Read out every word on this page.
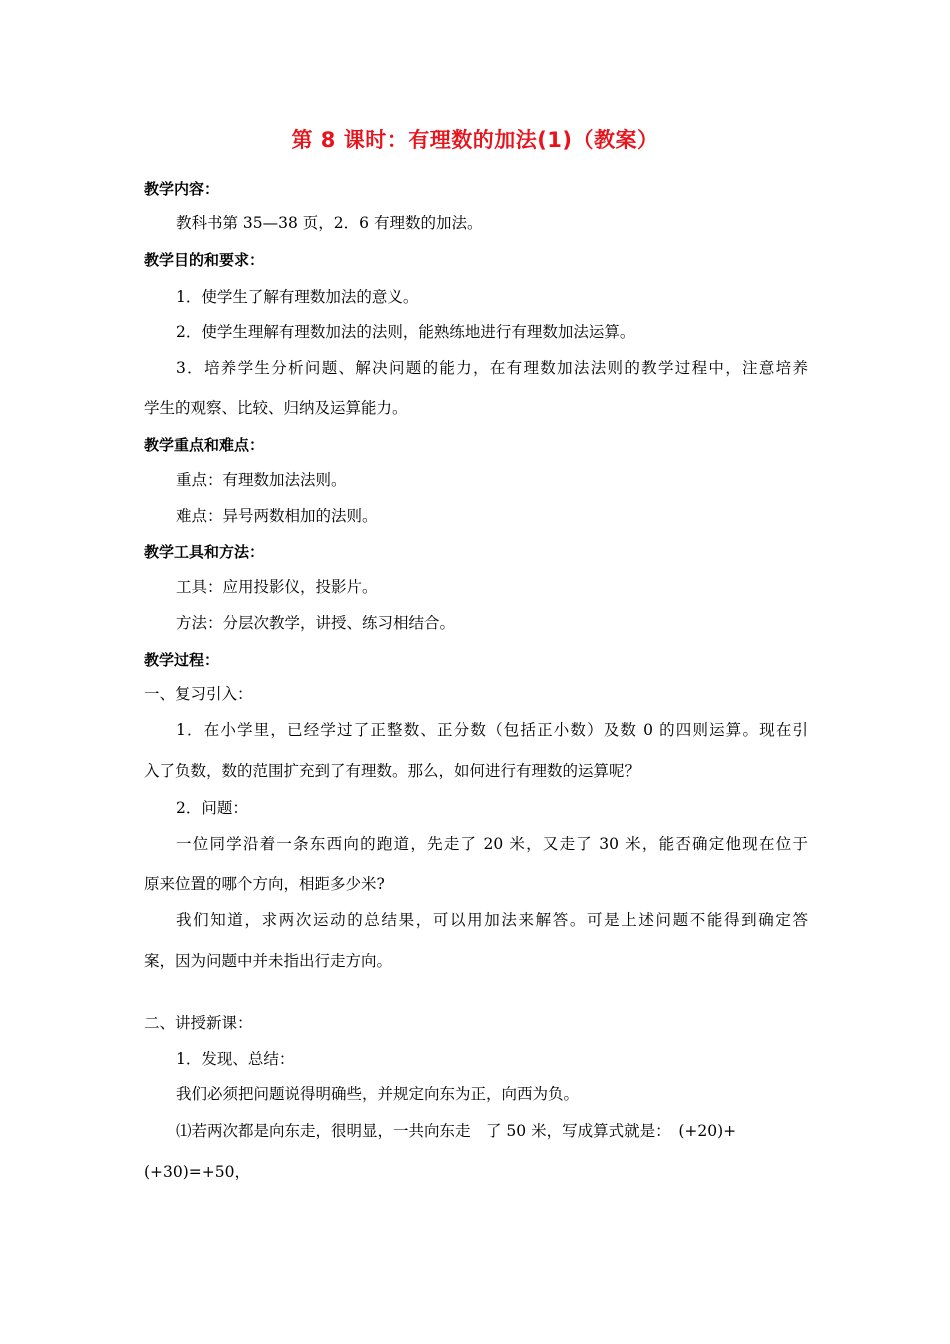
第 8 课时：有理数的加法(1)（教案）
教学内容：
教科书第 35—38 页，2．6 有理数的加法。
教学目的和要求：
1．使学生了解有理数加法的意义。
2．使学生理解有理数加法的法则，能熟练地进行有理数加法运算。
3．培养学生分析问题、解决问题的能力，在有理数加法法则的教学过程中，注意培养
学生的观察、比较、归纳及运算能力。
教学重点和难点：
重点：有理数加法法则。
难点：异号两数相加的法则。
教学工具和方法：
工具：应用投影仪，投影片。
方法：分层次教学，讲授、练习相结合。
教学过程：
一、复习引入：
1．在小学里，已经学过了正整数、正分数（包括正小数）及数 0 的四则运算。现在引
入了负数，数的范围扩充到了有理数。那么，如何进行有理数的运算呢？
2．问题：
一位同学沿着一条东西向的跑道，先走了 20 米，又走了 30 米，能否确定他现在位于
原来位置的哪个方向，相距多少米?
我们知道，求两次运动的总结果，可以用加法来解答。可是上述问题不能得到确定答
案，因为问题中并未指出行走方向。
二、讲授新课：
1．发现、总结：
我们必须把问题说得明确些，并规定向东为正，向西为负。
⑴若两次都是向东走，很明显，一共向东走　了 50 米，写成算式就是：　(+20)+
(+30)=+50，
